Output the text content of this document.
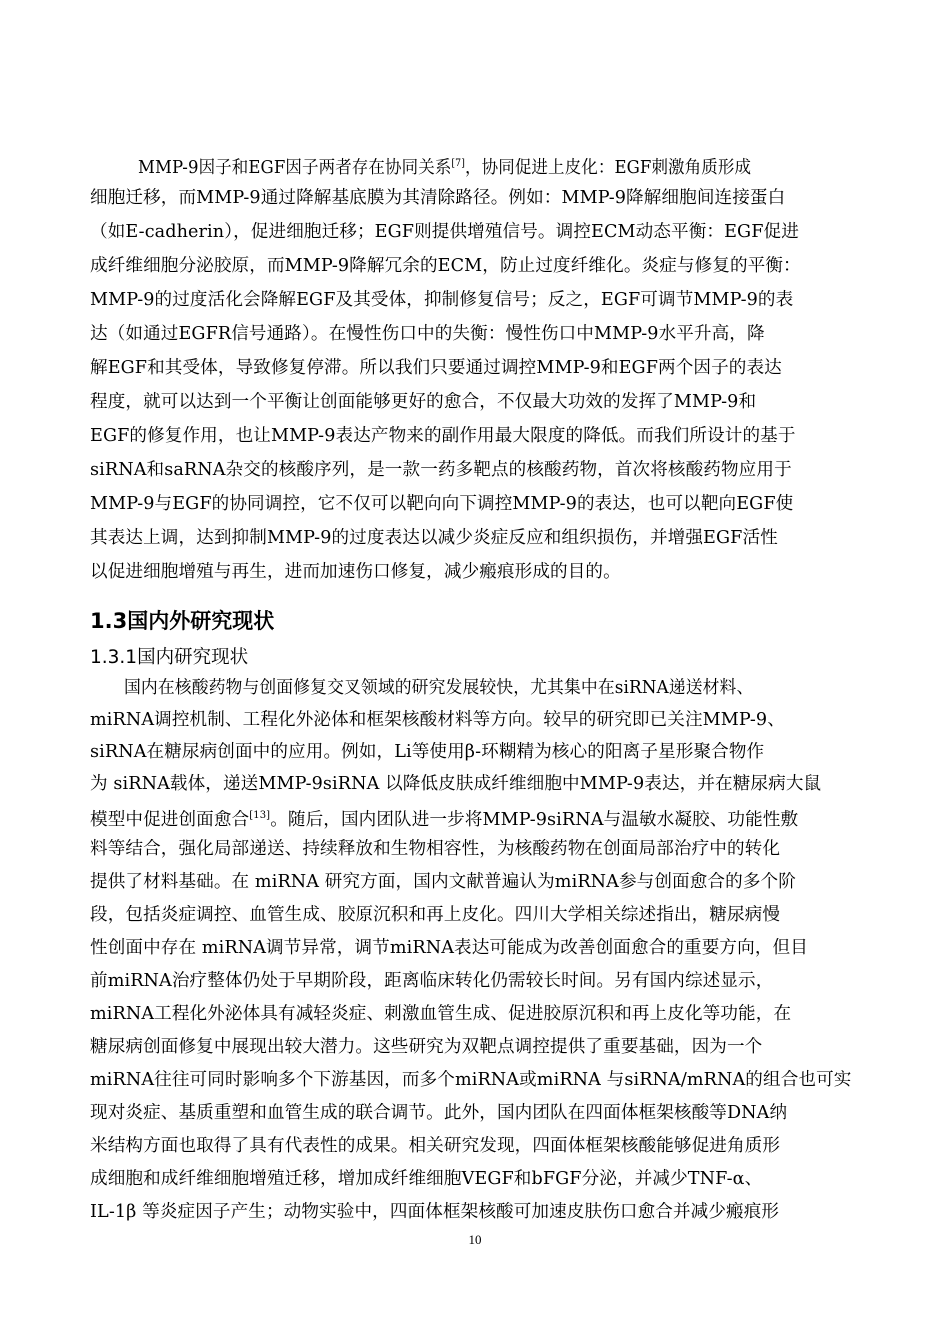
MMP-9因子和EGF因子两者存在协同关系[7]，协同促进上皮化：EGF刺激角质形成
细胞迁移，而MMP-9通过降解基底膜为其清除路径。例如：MMP-9降解细胞间连接蛋白
（如E-cadherin），促进细胞迁移；EGF则提供增殖信号。调控ECM动态平衡：EGF促进
成纤维细胞分泌胶原，而MMP-9降解冗余的ECM，防止过度纤维化。炎症与修复的平衡：
MMP-9的过度活化会降解EGF及其受体，抑制修复信号；反之，EGF可调节MMP-9的表
达（如通过EGFR信号通路）。在慢性伤口中的失衡：慢性伤口中MMP-9水平升高，降
解EGF和其受体，导致修复停滞。所以我们只要通过调控MMP-9和EGF两个因子的表达
程度，就可以达到一个平衡让创面能够更好的愈合，不仅最大功效的发挥了MMP-9和
EGF的修复作用，也让MMP-9表达产物来的副作用最大限度的降低。而我们所设计的基于
siRNA和saRNA杂交的核酸序列，是一款一药多靶点的核酸药物，首次将核酸药物应用于
MMP-9与EGF的协同调控，它不仅可以靶向向下调控MMP-9的表达，也可以靶向EGF使
其表达上调，达到抑制MMP-9的过度表达以减少炎症反应和组织损伤，并增强EGF活性
以促进细胞增殖与再生，进而加速伤口修复，减少瘢痕形成的目的。
1.3国内外研究现状
1.3.1国内研究现状
国内在核酸药物与创面修复交叉领域的研究发展较快，尤其集中在siRNA递送材料、
miRNA调控机制、工程化外泌体和框架核酸材料等方向。较早的研究即已关注MMP-9、
siRNA在糖尿病创面中的应用。例如，Li等使用β-环糊精为核心的阳离子星形聚合物作
为 siRNA载体，递送MMP-9siRNA 以降低皮肤成纤维细胞中MMP-9表达，并在糖尿病大鼠
模型中促进创面愈合[13]。随后，国内团队进一步将MMP-9siRNA与温敏水凝胶、功能性敷
料等结合，强化局部递送、持续释放和生物相容性，为核酸药物在创面局部治疗中的转化
提供了材料基础。在 miRNA 研究方面，国内文献普遍认为miRNA参与创面愈合的多个阶
段，包括炎症调控、血管生成、胶原沉积和再上皮化。四川大学相关综述指出，糖尿病慢
性创面中存在 miRNA调节异常，调节miRNA表达可能成为改善创面愈合的重要方向，但目
前miRNA治疗整体仍处于早期阶段，距离临床转化仍需较长时间。另有国内综述显示，
miRNA工程化外泌体具有减轻炎症、刺激血管生成、促进胶原沉积和再上皮化等功能，在
糖尿病创面修复中展现出较大潜力。这些研究为双靶点调控提供了重要基础，因为一个
miRNA往往可同时影响多个下游基因，而多个miRNA或miRNA 与siRNA/mRNA的组合也可实
现对炎症、基质重塑和血管生成的联合调节。此外，国内团队在四面体框架核酸等DNA纳
米结构方面也取得了具有代表性的成果。相关研究发现，四面体框架核酸能够促进角质形
成细胞和成纤维细胞增殖迁移，增加成纤维细胞VEGF和bFGF分泌，并减少TNF-α、
IL-1β 等炎症因子产生；动物实验中，四面体框架核酸可加速皮肤伤口愈合并减少瘢痕形
10
